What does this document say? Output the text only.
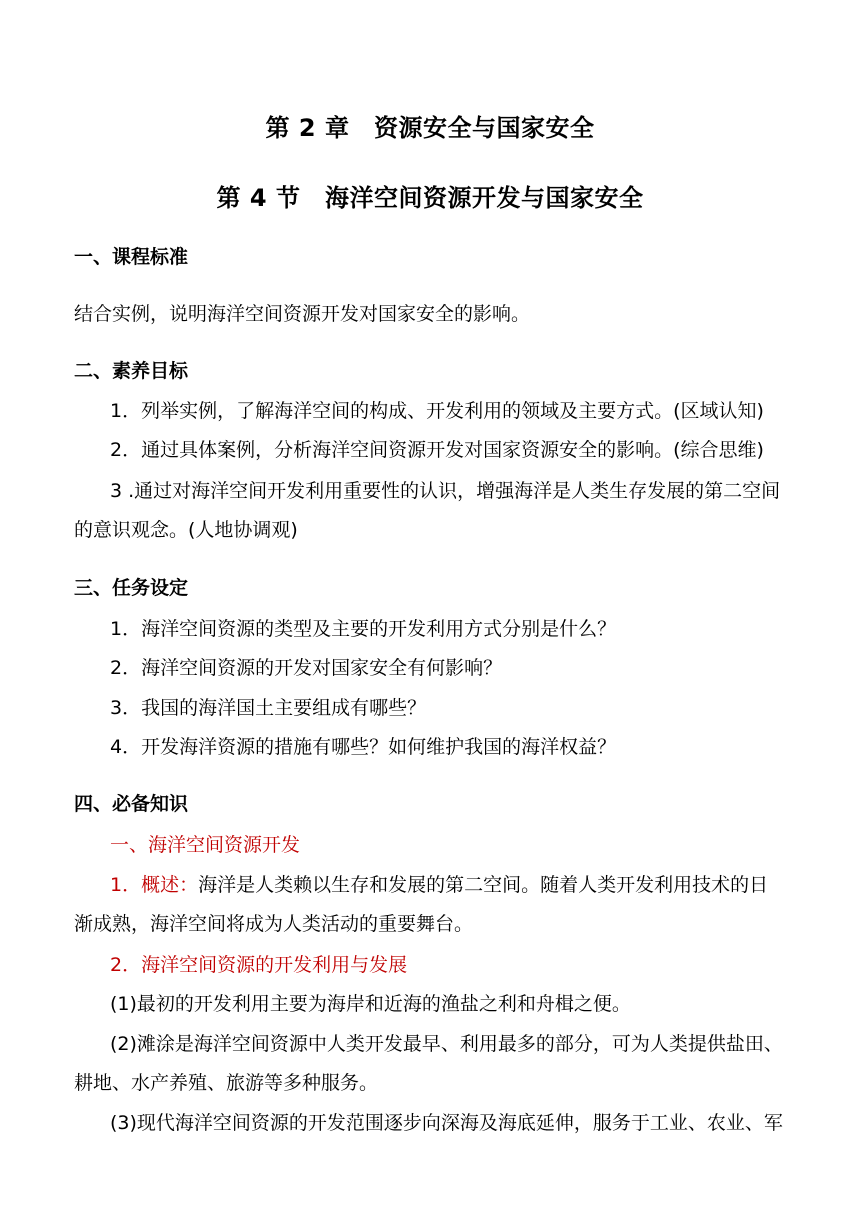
第 2 章　资源安全与国家安全
第 4 节　海洋空间资源开发与国家安全
一、课程标准
结合实例，说明海洋空间资源开发对国家安全的影响。
二、素养目标
1．列举实例，了解海洋空间的构成、开发利用的领域及主要方式。(区域认知)
2．通过具体案例，分析海洋空间资源开发对国家资源安全的影响。(综合思维)
3 .通过对海洋空间开发利用重要性的认识，增强海洋是人类生存发展的第二空间
的意识观念。(人地协调观)
三、任务设定
1．海洋空间资源的类型及主要的开发利用方式分别是什么？
2．海洋空间资源的开发对国家安全有何影响？
3．我国的海洋国土主要组成有哪些？
4．开发海洋资源的措施有哪些？如何维护我国的海洋权益？
四、必备知识
一、海洋空间资源开发
1．概述：海洋是人类赖以生存和发展的第二空间。随着人类开发利用技术的日
渐成熟，海洋空间将成为人类活动的重要舞台。
2．海洋空间资源的开发利用与发展
(1)最初的开发利用主要为海岸和近海的渔盐之利和舟楫之便。
(2)滩涂是海洋空间资源中人类开发最早、利用最多的部分，可为人类提供盐田、
耕地、水产养殖、旅游等多种服务。
(3)现代海洋空间资源的开发范围逐步向深海及海底延伸，服务于工业、农业、军
